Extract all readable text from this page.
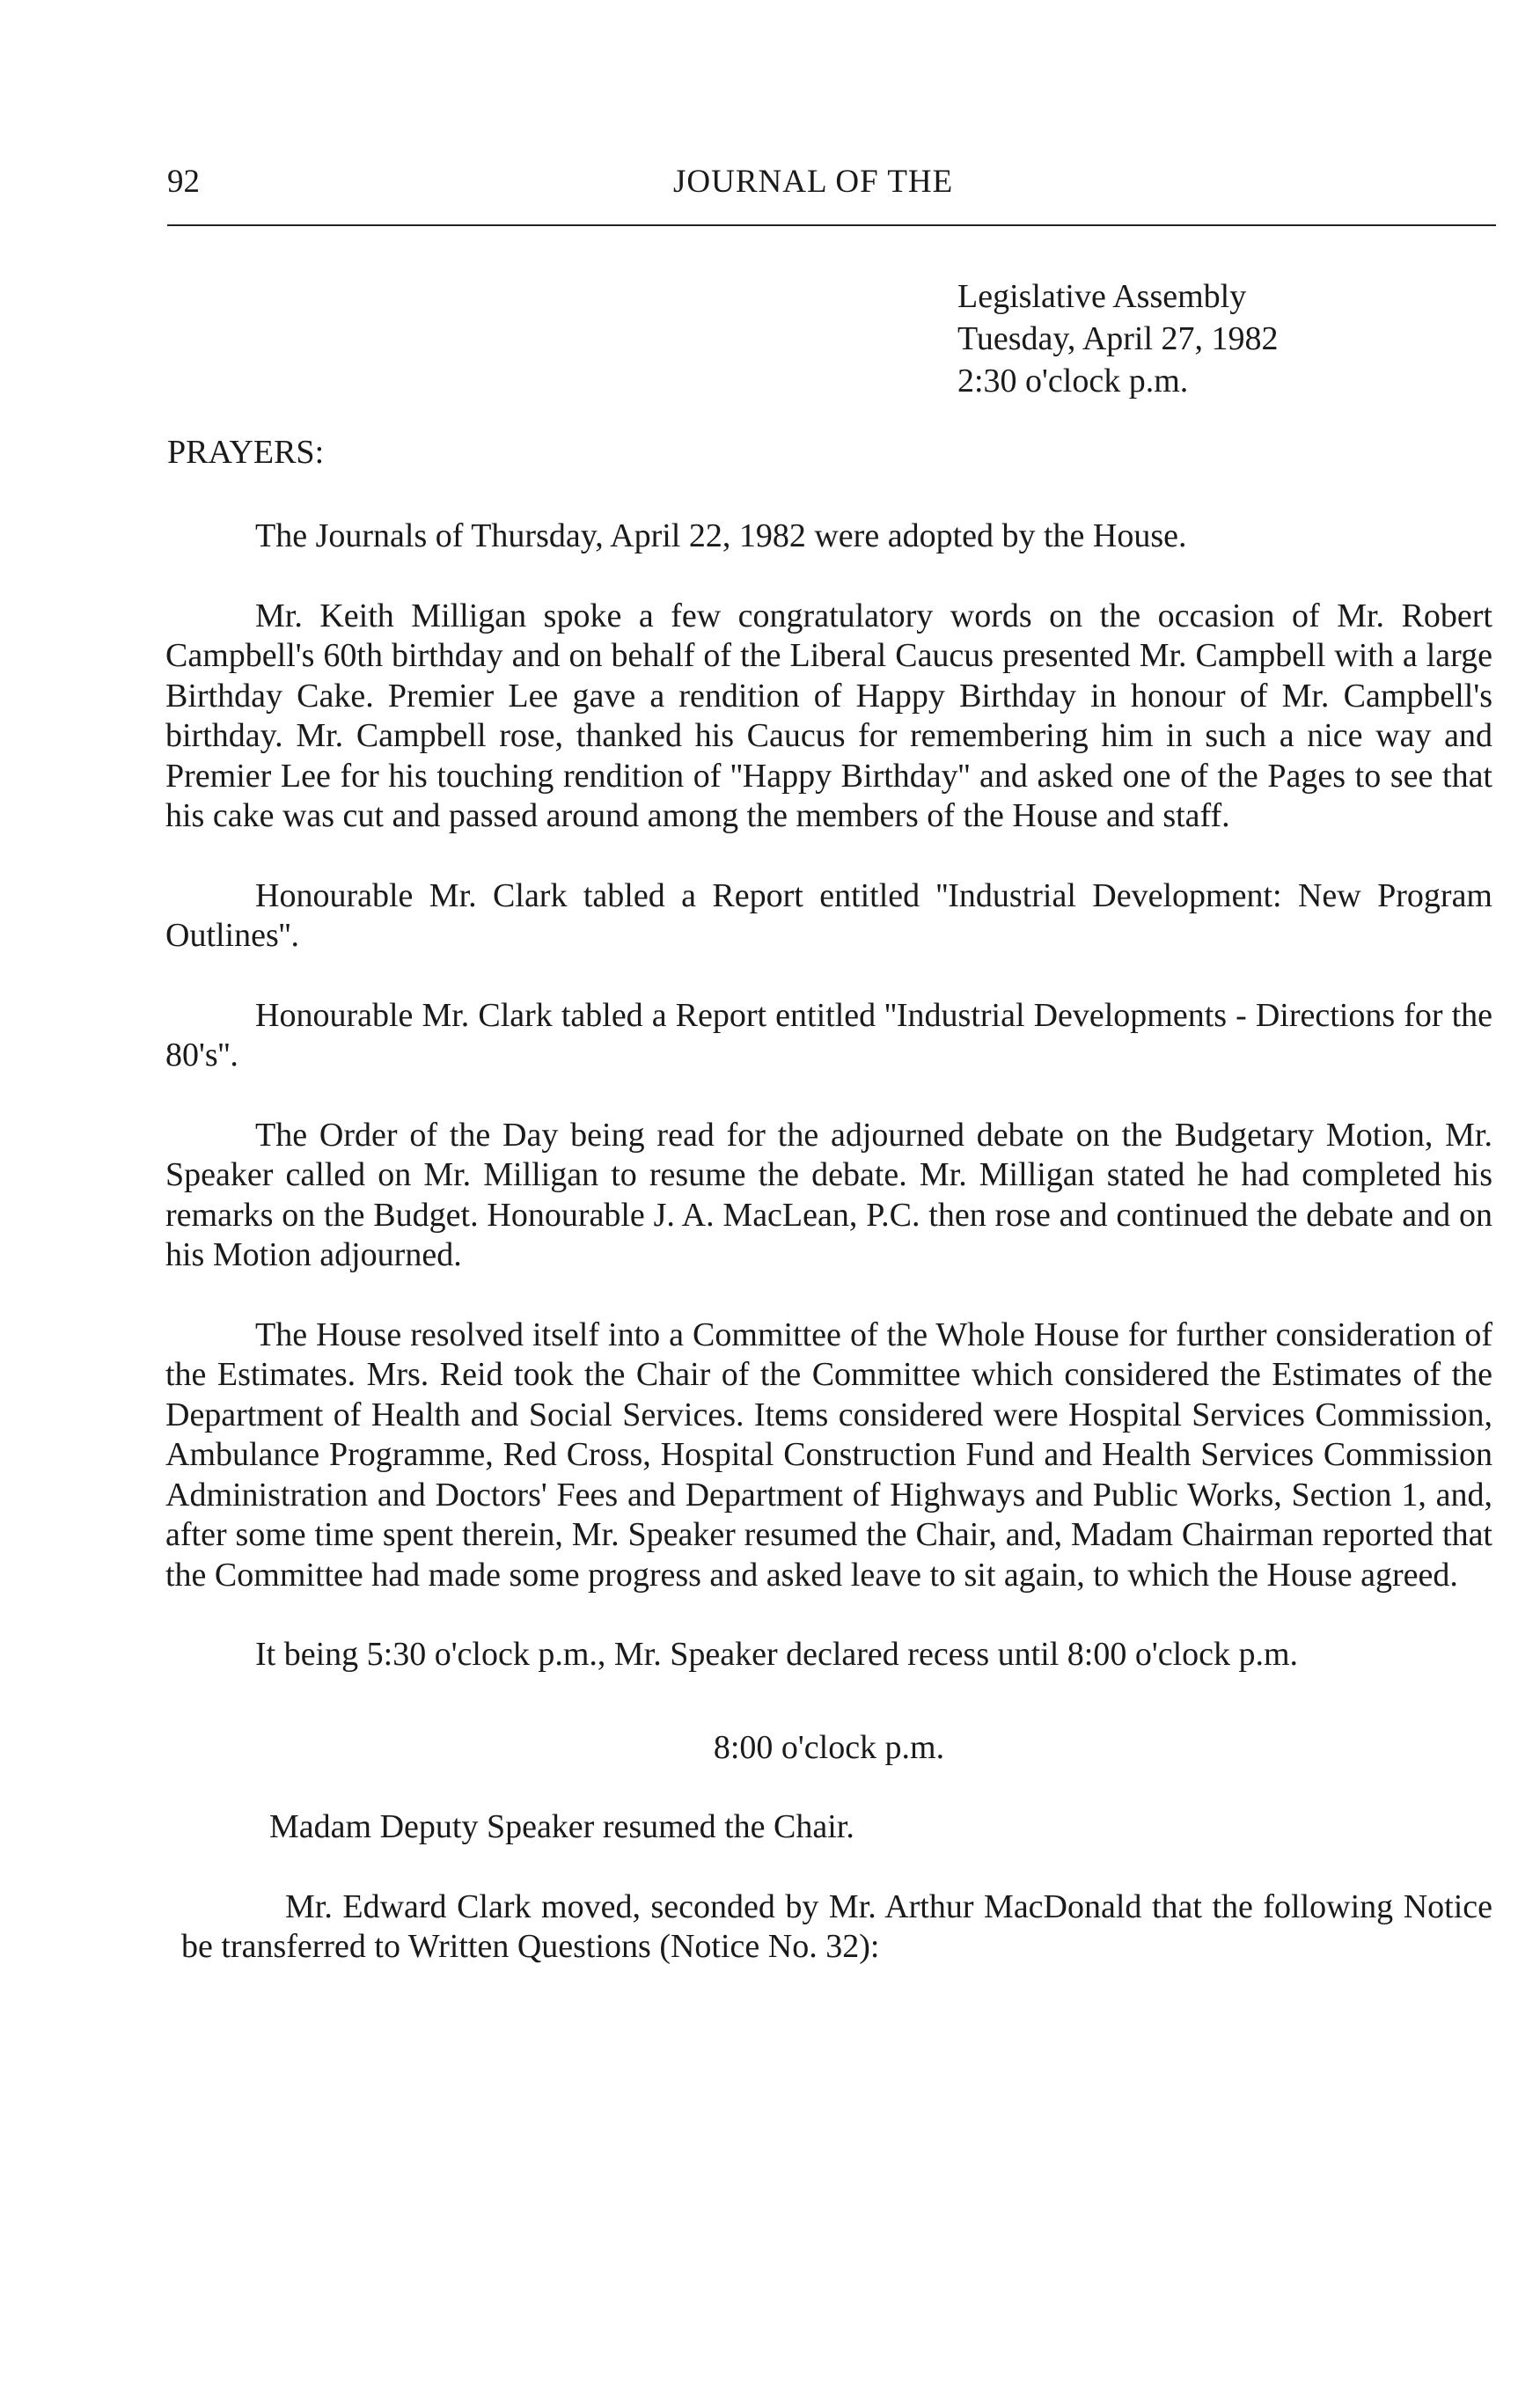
92	JOURNAL OF THE
Legislative Assembly
Tuesday, April 27, 1982
2:30 o'clock p.m.
PRAYERS:

The Journals of Thursday, April 22, 1982 were adopted by the House.

Mr. Keith Milligan spoke a few congratulatory words on the occasion of Mr. Robert Campbell's 60th birthday and on behalf of the Liberal Caucus presented Mr. Campbell with a large Birthday Cake. Premier Lee gave a rendition of Happy Birthday in honour of Mr. Campbell's birthday. Mr. Campbell rose, thanked his Caucus for remembering him in such a nice way and Premier Lee for his touching rendition of ''Happy Birthday'' and asked one of the Pages to see that his cake was cut and passed around among the members of the House and staff.

Honourable Mr. Clark tabled a Report entitled ''Industrial Development: New Program Outlines''.

Honourable Mr. Clark tabled a Report entitled ''Industrial Developments - Directions for the 80's''.

The Order of the Day being read for the adjourned debate on the Budgetary Motion, Mr. Speaker called on Mr. Milligan to resume the debate. Mr. Milligan stated he had completed his remarks on the Budget. Honourable J. A. MacLean, P.C. then rose and continued the debate and on his Motion adjourned.

The House resolved itself into a Committee of the Whole House for further consideration of the Estimates. Mrs. Reid took the Chair of the Committee which considered the Estimates of the Department of Health and Social Services. Items considered were Hospital Services Commission, Ambulance Programme, Red Cross, Hospital Construction Fund and Health Services Commission Administration and Doctors' Fees and Department of Highways and Public Works, Section 1, and, after some time spent therein, Mr. Speaker resumed the Chair, and, Madam Chairman reported that the Committee had made some progress and asked leave to sit again, to which the House agreed.

It being 5:30 o'clock p.m., Mr. Speaker declared recess until 8:00 o'clock p.m.

8:00 o'clock p.m.

Madam Deputy Speaker resumed the Chair.

Mr. Edward Clark moved, seconded by Mr. Arthur MacDonald that the following Notice be transferred to Written Questions (Notice No. 32):
